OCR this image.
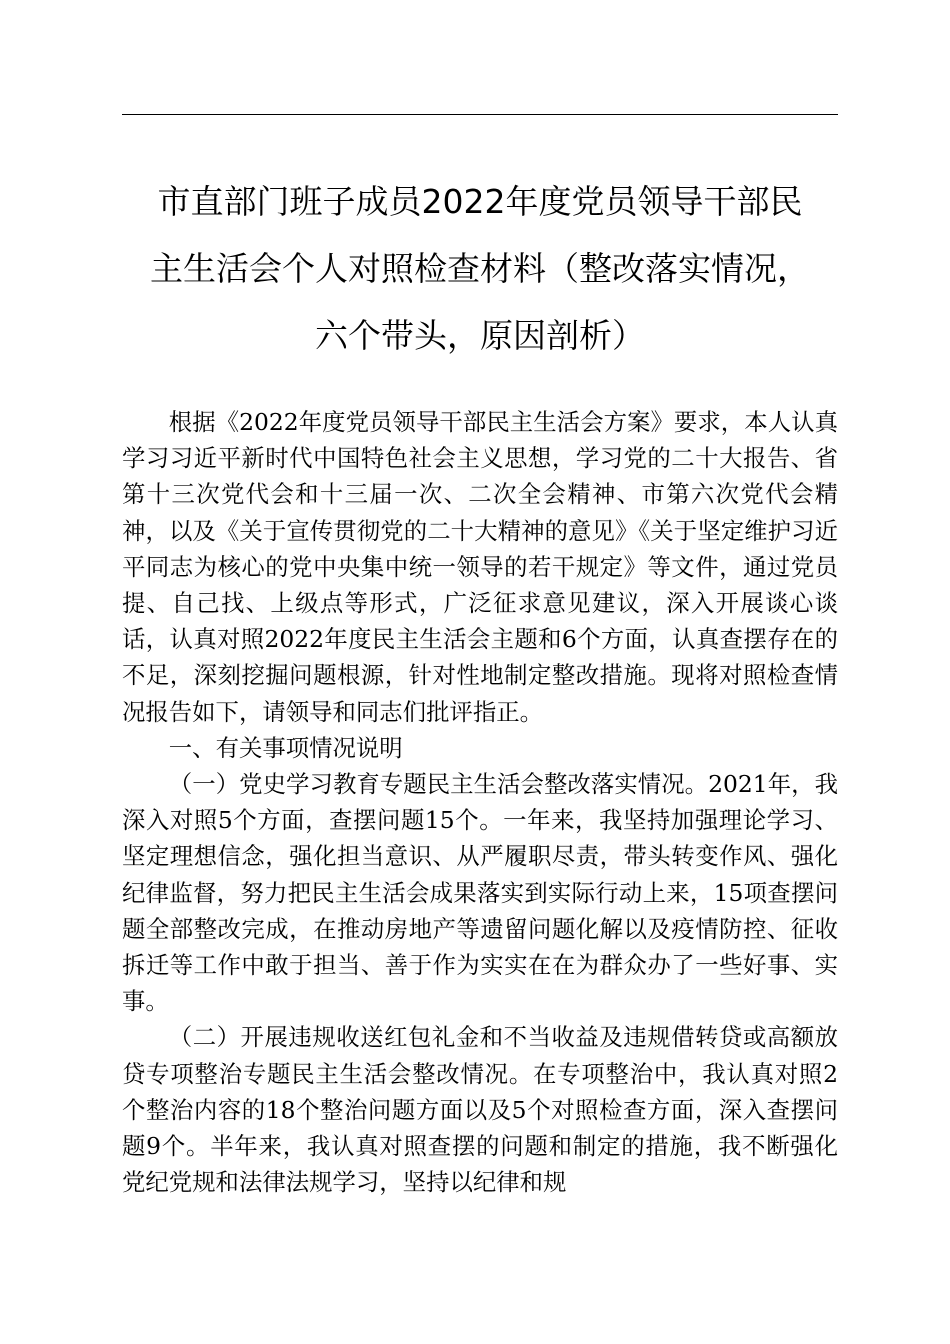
市直部门班子成员2022年度党员领导干部民
主生活会个人对照检查材料（整改落实情况，
六个带头，原因剖析）

根据《2022年度党员领导干部民主生活会方案》要求，本人认真学习习近平新时代中国特色社会主义思想，学习党的二十大报告、省第十三次党代会和十三届一次、二次全会精神、市第六次党代会精神，以及《关于宣传贯彻党的二十大精神的意见》《关于坚定维护习近平同志为核心的党中央集中统一领导的若干规定》等文件，通过党员提、自己找、上级点等形式，广泛征求意见建议，深入开展谈心谈话，认真对照2022年度民主生活会主题和6个方面，认真查摆存在的不足，深刻挖掘问题根源，针对性地制定整改措施。现将对照检查情况报告如下，请领导和同志们批评指正。

一、有关事项情况说明

（一）党史学习教育专题民主生活会整改落实情况。2021年，我深入对照5个方面，查摆问题15个。一年来，我坚持加强理论学习、坚定理想信念，强化担当意识、从严履职尽责，带头转变作风、强化纪律监督，努力把民主生活会成果落实到实际行动上来，15项查摆问题全部整改完成，在推动房地产等遗留问题化解以及疫情防控、征收拆迁等工作中敢于担当、善于作为实实在在为群众办了一些好事、实事。

（二）开展违规收送红包礼金和不当收益及违规借转贷或高额放贷专项整治专题民主生活会整改情况。在专项整治中，我认真对照2个整治内容的18个整治问题方面以及5个对照检查方面，深入查摆问题9个。半年来，我认真对照查摆的问题和制定的措施，我不断强化党纪党规和法律法规学习，坚持以纪律和规
